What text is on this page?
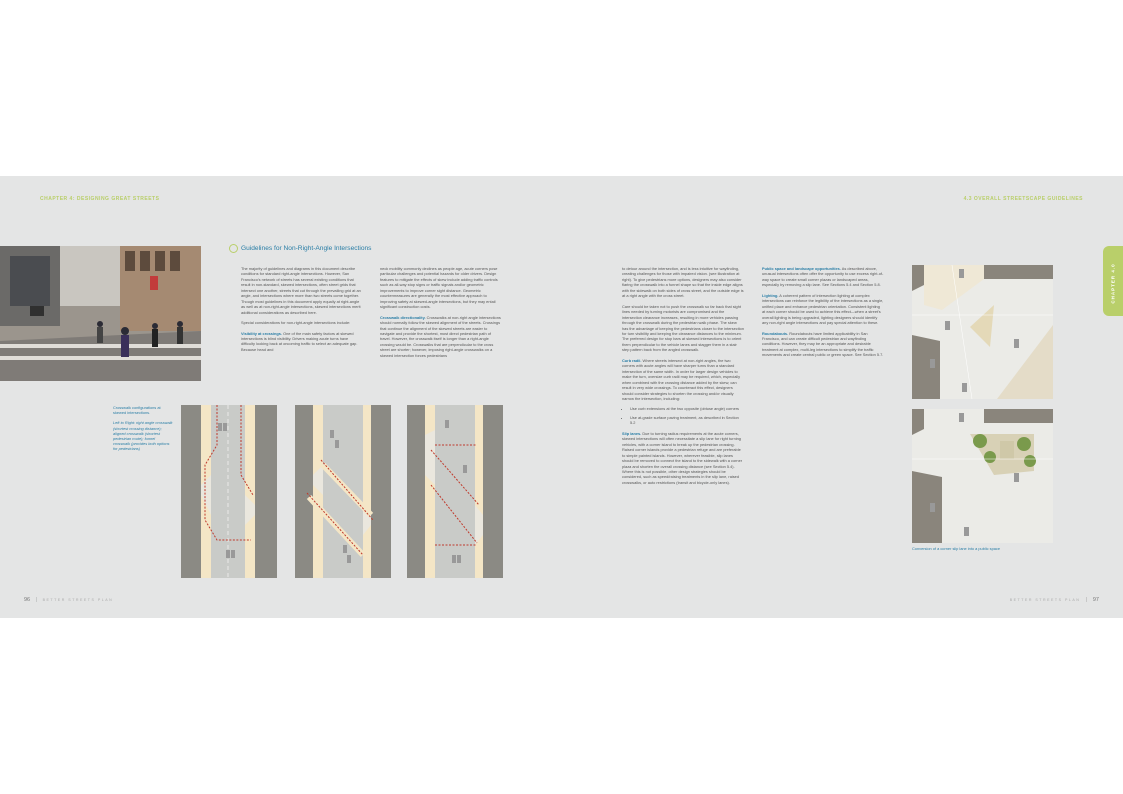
CHAPTER 4: DESIGNING GREAT STREETS	4.3 OVERALL STREETSCAPE GUIDELINES
Guidelines for Non-Right-Angle Intersections

The majority of guidelines and diagrams in this document describe conditions for standard right-angle intersections. However, San Francisco's network of streets has several existing conditions that result in non-standard, skewed intersections, often street grids that intersect one another, streets that cut through the prevailing grid at an angle, and intersections where more than two streets come together. Though most guidelines in this document apply equally at right-angle as well as at non-right-angle intersections, skewed intersections merit additional considerations as described here.

Special considerations for non-right-angle intersections include:

Visibility at crossings. One of the main safety factors at skewed intersections is blind visibility. Drivers making acute turns have difficulty looking back at oncoming traffic to select an adequate gap. Because head and

neck mobility commonly declines as people age, acute corners pose particular challenges and potential hazards for older drivers. Design features to mitigate the effects of skew include adding traffic controls such as all-way stop signs or traffic signals and/or geometric improvements to improve corner sight distance. Geometric countermeasures are generally the most effective approach to improving safety at skewed-angle intersections, but they may entail significant construction costs.

Crosswalk directionality. Crosswalks at non-right angle intersections should normally follow the skewed alignment of the streets. Crossings that continue the alignment of the skewed streets are easier to navigate and provide the shortest, most direct pedestrian path of travel. However, the crosswalk itself is longer than a right-angle crossing would be. Crosswalks that are perpendicular to the cross street are shorter; however, imposing right-angle crosswalks on a skewed intersection forces pedestrians

Crosswalk configurations at skewed intersections.
Left to Right: right angle crosswalk (shortest crossing distance); aligned crosswalk (shortest pedestrian route); funnel crosswalk (provides both options for pedestrians)

to detour around the intersection, and is less intuitive for wayfinding, creating challenges for those with impaired vision. (see illustration at right). To give pedestrians more options, designers may also consider flaring the crosswalk into a funnel shape so that the inside edge aligns with the sidewalk on both sides of cross street, and the outside edge is at a right angle with the cross street.

Care should be taken not to push the crosswalk so far back that sight lines needed by turning motorists are compromised and the intersection clearance increases, resulting in more vehicles passing through the crosswalk during the pedestrian walk phase. The skew has the advantage of keeping the pedestrians closer to the intersection for turn visibility and keeping the clearance distances to the minimum. The preferred design for stop bars at skewed intersections is to orient them perpendicular to the vehicle lanes and stagger them in a stair step pattern back from the angled crosswalk.

Curb radii. Where streets intersect at non-right angles, the two corners with acute angles will have sharper turns than a standard intersection of the same width. In order for larger design vehicles to make the turn, oversize curb radii may be required, which, especially when combined with the crossing distance added by the skew, can result in very wide crossings. To counteract this effect, designers should consider strategies to shorten the crossing and/or visually narrow the intersection, including:

• Use curb extensions at the two opposite (obtuse angle) corners
• Use at-grade surface paving treatment, as described in Section 5.2

Slip lanes. Due to turning radius requirements at the acute corners, skewed intersections will often necessitate a slip lane for right turning vehicles, with a corner island to break up the pedestrian crossing. Raised corner islands provide a pedestrian refuge and are preferable to simple painted islands. However, wherever feasible, slip lanes should be removed to connect the island to the sidewalk with a corner plaza and shorten the overall crossing distance (see Section 5.4). Where this is not possible, other design strategies should be considered, such as speed/raising treatments in the slip lane, raised crosswalks, or auto restrictions (transit and bicycle-only lanes).

Public space and landscape opportunities. As described above, unusual intersections often offer the opportunity to use excess right-of-way space to create small corner plazas or landscaped areas, especially by removing a slip lane. See Sections 5.4 and Section 5.8.

Lighting. A coherent pattern of intersection lighting at complex intersections can reinforce the legibility of the intersections as a single, unified place and enhance pedestrian orientation. Consistent lighting at each corner should be used to achieve this effect—when a street's overall lighting is being upgraded, lighting designers should identify any non-right angle intersections and pay special attention to these.

Roundabouts. Roundabouts have limited applicability in San Francisco, and can create difficult pedestrian and wayfinding conditions. However, they may be an appropriate and desirable treatment at complex, multi-leg intersections to simplify the traffic movements and create central public or green space. See Section 5.7.

Conversion of a corner slip lane into a public space
CHAPTER 4.0
96 | BETTER STREETS PLAN	BETTER STREETS PLAN | 97
